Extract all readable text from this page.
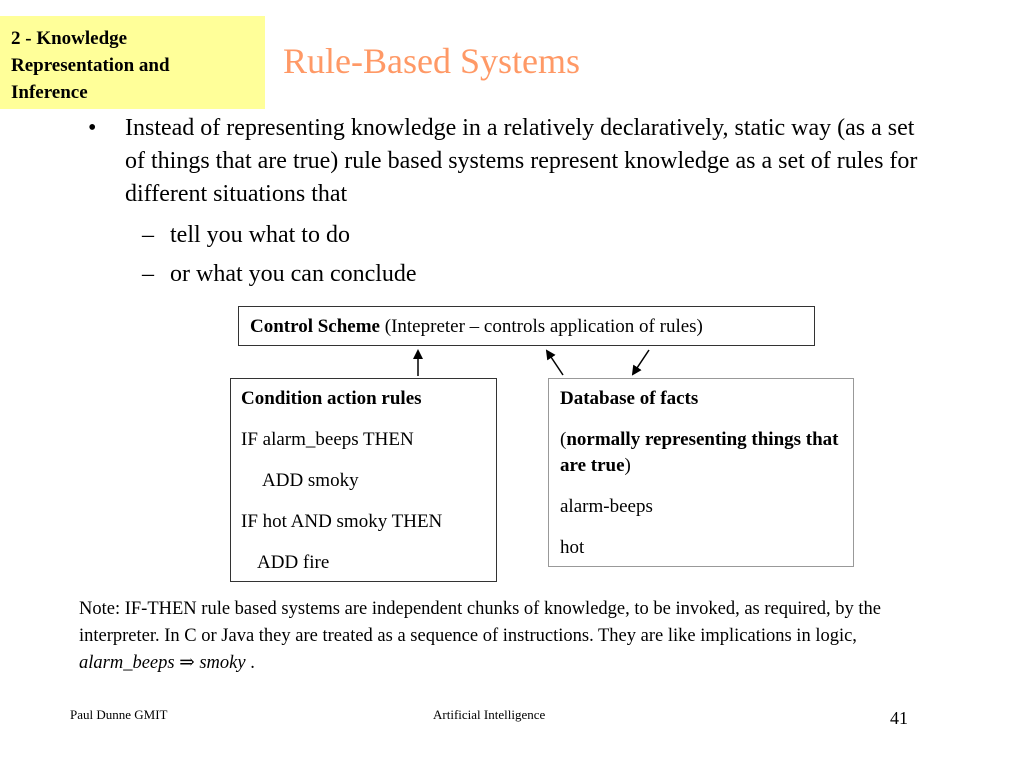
2 - Knowledge
Representation and
Inference
Rule-Based Systems
• Instead of representing knowledge in a relatively declaratively, static way (as a set of things that are true) rule based systems represent knowledge as a set of rules for different situations that
– tell you what to do
– or what you can conclude
Control Scheme (Intepreter – controls application of rules)
Condition action rules
IF alarm_beeps THEN
ADD smoky
IF hot AND smoky THEN
ADD fire
Database of facts
(normally representing things that are true)
alarm-beeps
hot
Note: IF-THEN rule based systems are independent chunks of knowledge, to be invoked, as required, by the interpreter. In C or Java they are treated as a sequence of instructions. They are like implications in logic, alarm_beeps ⇒ smoky .
Paul Dunne GMIT	Artificial Intelligence	41
